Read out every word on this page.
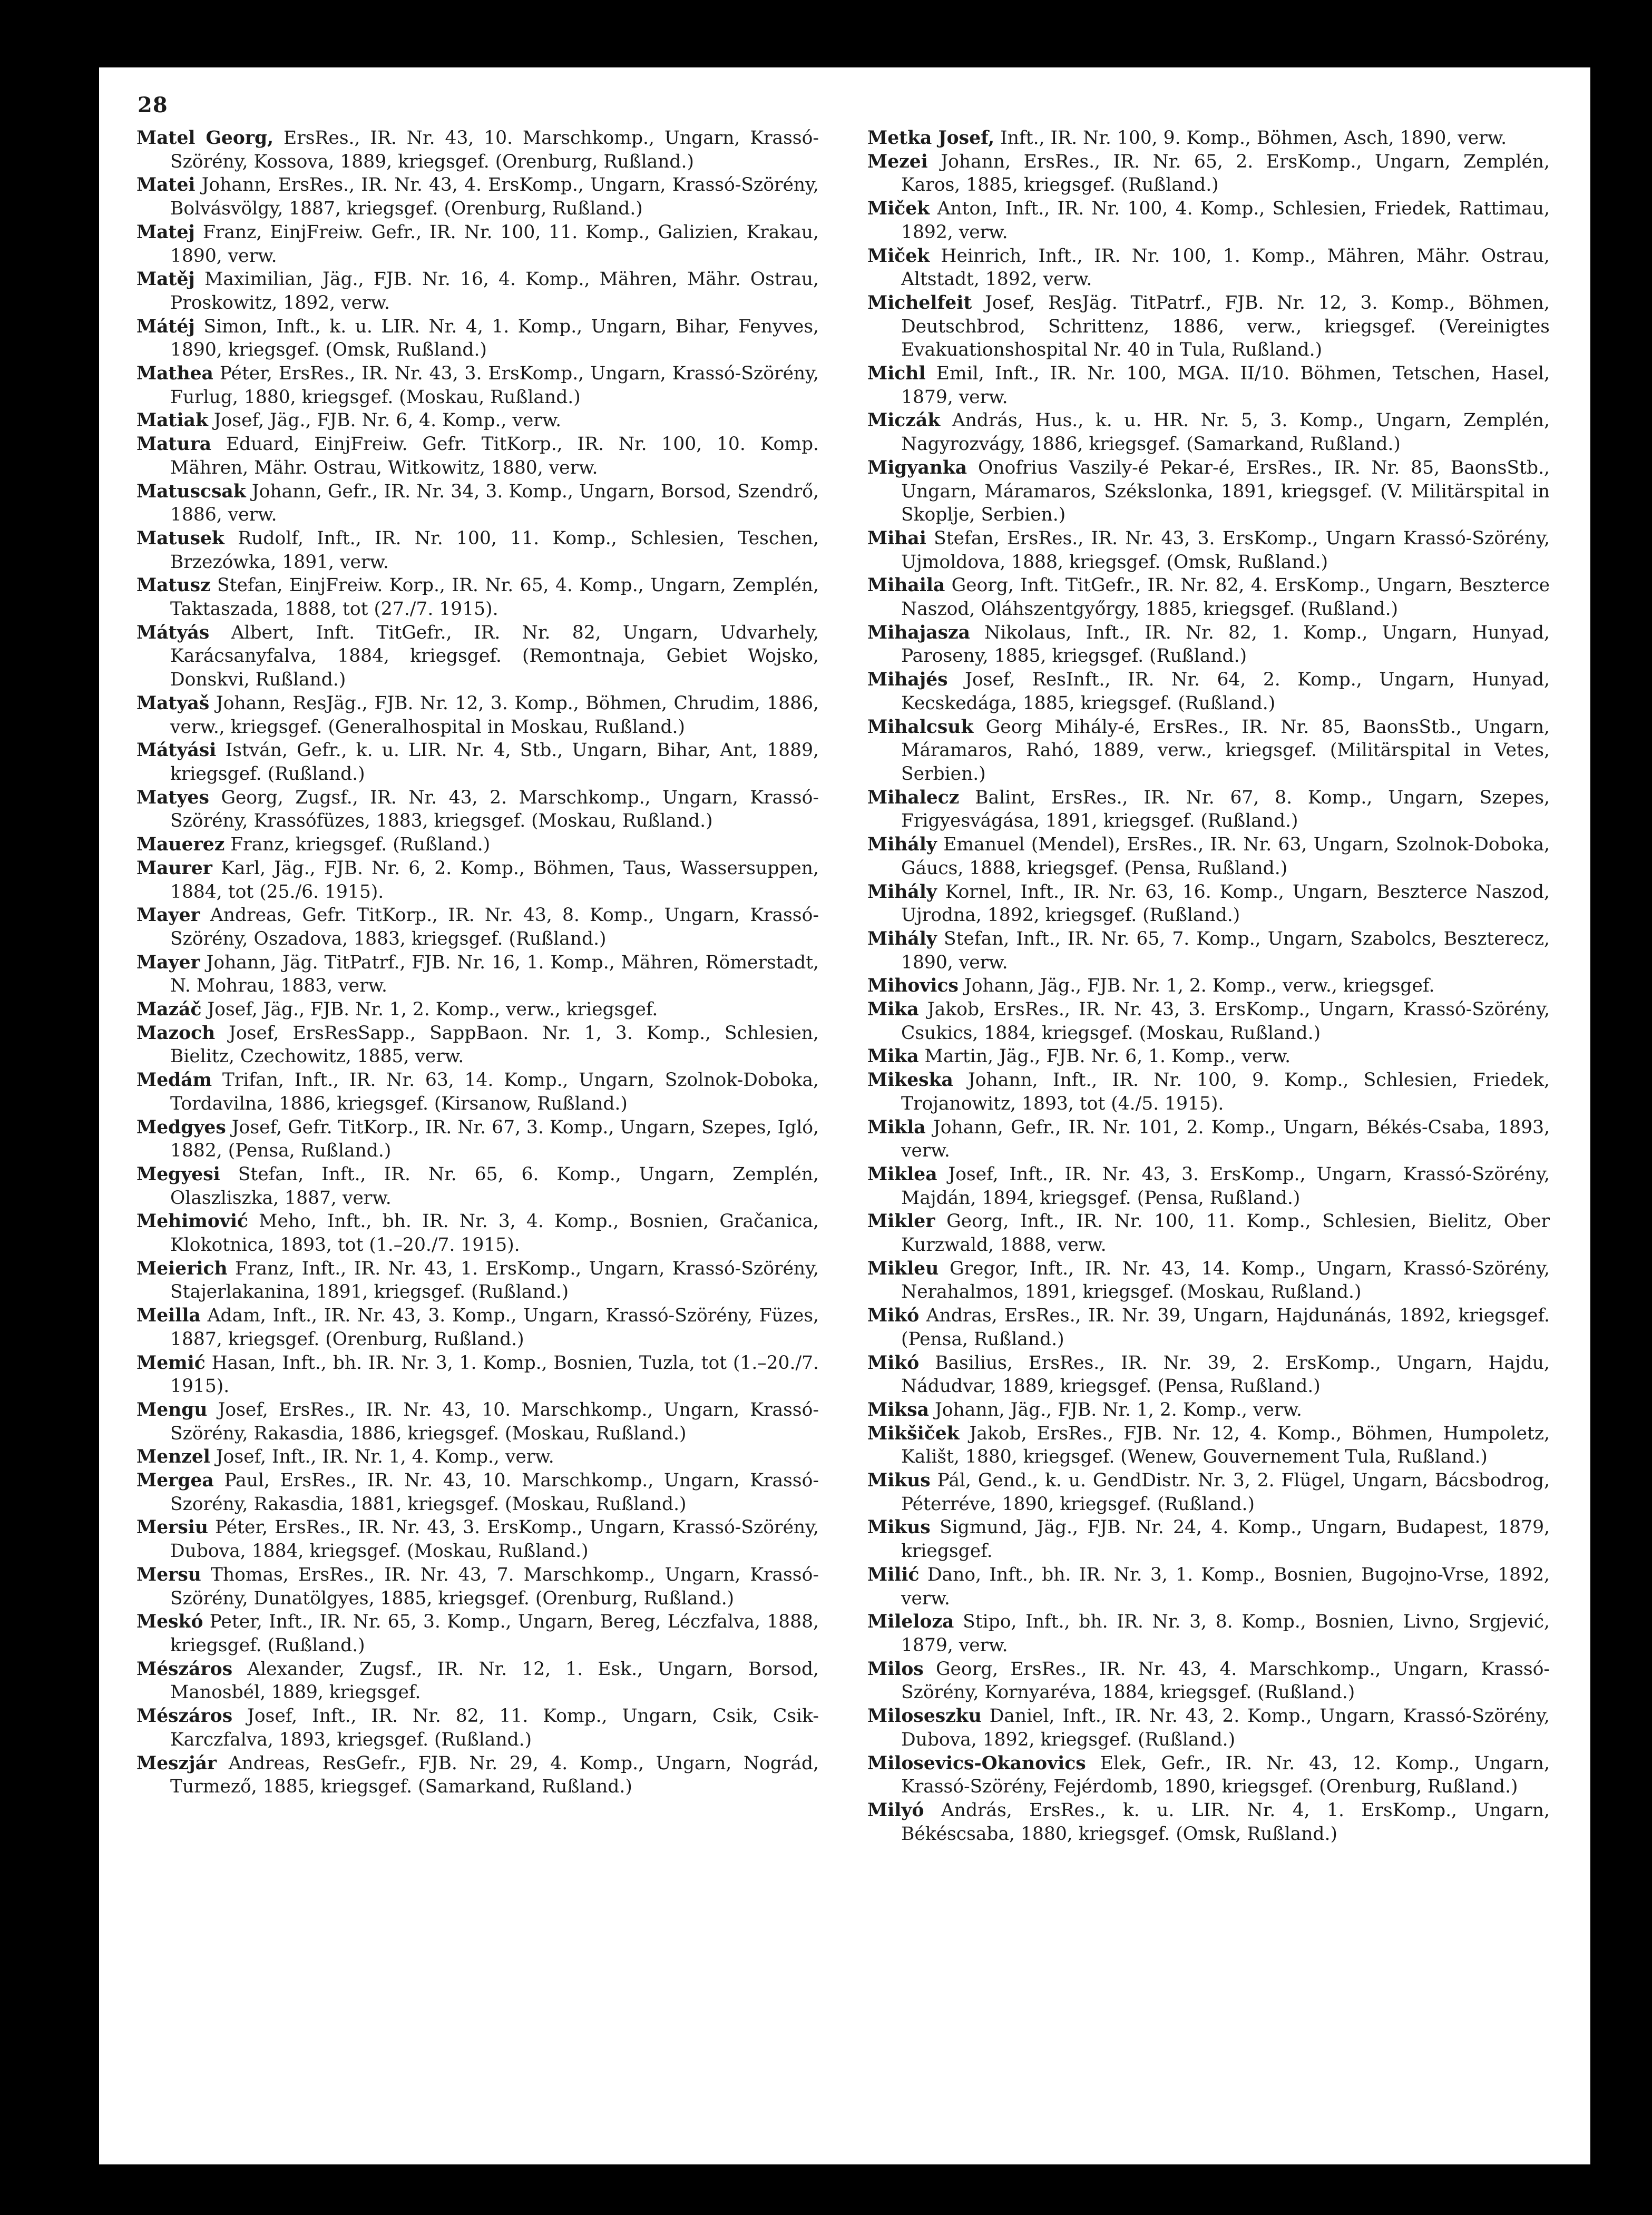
28

Matel Georg, ErsRes., IR. Nr. 43, 10. Marschkomp., Ungarn, Krassó-Szörény, Kossova, 1889, kriegsgef. (Orenburg, Rußland.)

Matei Johann, ErsRes., IR. Nr. 43, 4. ErsKomp., Ungarn, Krassó-Szörény, Bolvásvölgy, 1887, kriegsgef. (Orenburg, Rußland.)

Matej Franz, EinjFreiw. Gefr., IR. Nr. 100, 11. Komp., Galizien, Krakau, 1890, verw.

Matěj Maximilian, Jäg., FJB. Nr. 16, 4. Komp., Mähren, Mähr. Ostrau, Proskowitz, 1892, verw.

Mátéj Simon, Inft., k. u. LIR. Nr. 4, 1. Komp., Ungarn, Bihar, Fenyves, 1890, kriegsgef. (Omsk, Rußland.)

Mathea Péter, ErsRes., IR. Nr. 43, 3. ErsKomp., Ungarn, Krassó-Szörény, Furlug, 1880, kriegsgef. (Moskau, Rußland.)

Matiak Josef, Jäg., FJB. Nr. 6, 4. Komp., verw.

Matura Eduard, EinjFreiw. Gefr. TitKorp., IR. Nr. 100, 10. Komp. Mähren, Mähr. Ostrau, Witkowitz, 1880, verw.

Matuscsak Johann, Gefr., IR. Nr. 34, 3. Komp., Ungarn, Borsod, Szendrő, 1886, verw.

Matusek Rudolf, Inft., IR. Nr. 100, 11. Komp., Schlesien, Teschen, Brzezówka, 1891, verw.

Matusz Stefan, EinjFreiw. Korp., IR. Nr. 65, 4. Komp., Ungarn, Zemplén, Taktaszada, 1888, tot (27./7. 1915).

Mátyás Albert, Inft. TitGefr., IR. Nr. 82, Ungarn, Udvarhely, Karácsanyfalva, 1884, kriegsgef. (Remontnaja, Gebiet Wojsko, Donskvi, Rußland.)

Matyaš Johann, ResJäg., FJB. Nr. 12, 3. Komp., Böhmen, Chrudim, 1886, verw., kriegsgef. (Generalhospital in Moskau, Rußland.)

Mátyási István, Gefr., k. u. LIR. Nr. 4, Stb., Ungarn, Bihar, Ant, 1889, kriegsgef. (Rußland.)

Matyes Georg, Zugsf., IR. Nr. 43, 2. Marschkomp., Ungarn, Krassó-Szörény, Krassófüzes, 1883, kriegsgef. (Moskau, Rußland.)

Mauerez Franz, kriegsgef. (Rußland.)

Maurer Karl, Jäg., FJB. Nr. 6, 2. Komp., Böhmen, Taus, Wassersuppen, 1884, tot (25./6. 1915).

Mayer Andreas, Gefr. TitKorp., IR. Nr. 43, 8. Komp., Ungarn, Krassó-Szörény, Oszadova, 1883, kriegsgef. (Rußland.)

Mayer Johann, Jäg. TitPatrf., FJB. Nr. 16, 1. Komp., Mähren, Römerstadt, N. Mohrau, 1883, verw.

Mazáč Josef, Jäg., FJB. Nr. 1, 2. Komp., verw., kriegsgef.

Mazoch Josef, ErsResSapp., SappBaon. Nr. 1, 3. Komp., Schlesien, Bielitz, Czechowitz, 1885, verw.

Medám Trifan, Inft., IR. Nr. 63, 14. Komp., Ungarn, Szolnok-Doboka, Tordavilna, 1886, kriegsgef. (Kirsanow, Rußland.)

Medgyes Josef, Gefr. TitKorp., IR. Nr. 67, 3. Komp., Ungarn, Szepes, Igló, 1882, (Pensa, Rußland.)

Megyesi Stefan, Inft., IR. Nr. 65, 6. Komp., Ungarn, Zemplén, Olaszliszka, 1887, verw.

Mehimović Meho, Inft., bh. IR. Nr. 3, 4. Komp., Bosnien, Gračanica, Klokotnica, 1893, tot (1.–20./7. 1915).

Meierich Franz, Inft., IR. Nr. 43, 1. ErsKomp., Ungarn, Krassó-Szörény, Stajerlakanina, 1891, kriegsgef. (Rußland.)

Meilla Adam, Inft., IR. Nr. 43, 3. Komp., Ungarn, Krassó-Szörény, Füzes, 1887, kriegsgef. (Orenburg, Rußland.)

Memić Hasan, Inft., bh. IR. Nr. 3, 1. Komp., Bosnien, Tuzla, tot (1.–20./7. 1915).

Mengu Josef, ErsRes., IR. Nr. 43, 10. Marschkomp., Ungarn, Krassó-Szörény, Rakasdia, 1886, kriegsgef. (Moskau, Rußland.)

Menzel Josef, Inft., IR. Nr. 1, 4. Komp., verw.

Mergea Paul, ErsRes., IR. Nr. 43, 10. Marschkomp., Ungarn, Krassó-Szorény, Rakasdia, 1881, kriegsgef. (Moskau, Rußland.)

Mersiu Péter, ErsRes., IR. Nr. 43, 3. ErsKomp., Ungarn, Krassó-Szörény, Dubova, 1884, kriegsgef. (Moskau, Rußland.)

Mersu Thomas, ErsRes., IR. Nr. 43, 7. Marschkomp., Ungarn, Krassó-Szörény, Dunatölgyes, 1885, kriegsgef. (Orenburg, Rußland.)

Meskó Peter, Inft., IR. Nr. 65, 3. Komp., Ungarn, Bereg, Léczfalva, 1888, kriegsgef. (Rußland.)

Mészáros Alexander, Zugsf., IR. Nr. 12, 1. Esk., Ungarn, Borsod, Manosbél, 1889, kriegsgef.

Mészáros Josef, Inft., IR. Nr. 82, 11. Komp., Ungarn, Csik, Csik-Karczfalva, 1893, kriegsgef. (Rußland.)

Meszjár Andreas, ResGefr., FJB. Nr. 29, 4. Komp., Ungarn, Nográd, Turmező, 1885, kriegsgef. (Samarkand, Rußland.)

Metka Josef, Inft., IR. Nr. 100, 9. Komp., Böhmen, Asch, 1890, verw.

Mezei Johann, ErsRes., IR. Nr. 65, 2. ErsKomp., Ungarn, Zemplén, Karos, 1885, kriegsgef. (Rußland.)

Miček Anton, Inft., IR. Nr. 100, 4. Komp., Schlesien, Friedek, Rattimau, 1892, verw.

Miček Heinrich, Inft., IR. Nr. 100, 1. Komp., Mähren, Mähr. Ostrau, Altstadt, 1892, verw.

Michelfeit Josef, ResJäg. TitPatrf., FJB. Nr. 12, 3. Komp., Böhmen, Deutschbrod, Schrittenz, 1886, verw., kriegsgef. (Vereinigtes Evakuationshospital Nr. 40 in Tula, Rußland.)

Michl Emil, Inft., IR. Nr. 100, MGA. II/10. Böhmen, Tetschen, Hasel, 1879, verw.

Miczák András, Hus., k. u. HR. Nr. 5, 3. Komp., Ungarn, Zemplén, Nagyrozvágy, 1886, kriegsgef. (Samarkand, Rußland.)

Migyanka Onofrius Vaszily-é Pekar-é, ErsRes., IR. Nr. 85, BaonsStb., Ungarn, Máramaros, Székslonka, 1891, kriegsgef. (V. Militärspital in Skoplje, Serbien.)

Mihai Stefan, ErsRes., IR. Nr. 43, 3. ErsKomp., Ungarn Krassó-Szörény, Ujmoldova, 1888, kriegsgef. (Omsk, Rußland.)

Mihaila Georg, Inft. TitGefr., IR. Nr. 82, 4. ErsKomp., Ungarn, Beszterce Naszod, Oláhszentgyőrgy, 1885, kriegsgef. (Rußland.)

Mihajasza Nikolaus, Inft., IR. Nr. 82, 1. Komp., Ungarn, Hunyad, Paroseny, 1885, kriegsgef. (Rußland.)

Mihajés Josef, ResInft., IR. Nr. 64, 2. Komp., Ungarn, Hunyad, Kecskedága, 1885, kriegsgef. (Rußland.)

Mihalcsuk Georg Mihály-é, ErsRes., IR. Nr. 85, BaonsStb., Ungarn, Máramaros, Rahó, 1889, verw., kriegsgef. (Militärspital in Vetes, Serbien.)

Mihalecz Balint, ErsRes., IR. Nr. 67, 8. Komp., Ungarn, Szepes, Frigyesvágása, 1891, kriegsgef. (Rußland.)

Mihály Emanuel (Mendel), ErsRes., IR. Nr. 63, Ungarn, Szolnok-Doboka, Gáucs, 1888, kriegsgef. (Pensa, Rußland.)

Mihály Kornel, Inft., IR. Nr. 63, 16. Komp., Ungarn, Beszterce Naszod, Ujrodna, 1892, kriegsgef. (Rußland.)

Mihály Stefan, Inft., IR. Nr. 65, 7. Komp., Ungarn, Szabolcs, Beszterecz, 1890, verw.

Mihovics Johann, Jäg., FJB. Nr. 1, 2. Komp., verw., kriegsgef.

Mika Jakob, ErsRes., IR. Nr. 43, 3. ErsKomp., Ungarn, Krassó-Szörény, Csukics, 1884, kriegsgef. (Moskau, Rußland.)

Mika Martin, Jäg., FJB. Nr. 6, 1. Komp., verw.

Mikeska Johann, Inft., IR. Nr. 100, 9. Komp., Schlesien, Friedek, Trojanowitz, 1893, tot (4./5. 1915).

Mikla Johann, Gefr., IR. Nr. 101, 2. Komp., Ungarn, Békés-Csaba, 1893, verw.

Miklea Josef, Inft., IR. Nr. 43, 3. ErsKomp., Ungarn, Krassó-Szörény, Majdán, 1894, kriegsgef. (Pensa, Rußland.)

Mikler Georg, Inft., IR. Nr. 100, 11. Komp., Schlesien, Bielitz, Ober Kurzwald, 1888, verw.

Mikleu Gregor, Inft., IR. Nr. 43, 14. Komp., Ungarn, Krassó-Szörény, Nerahalmos, 1891, kriegsgef. (Moskau, Rußland.)

Mikó Andras, ErsRes., IR. Nr. 39, Ungarn, Hajdunánás, 1892, kriegsgef. (Pensa, Rußland.)

Mikó Basilius, ErsRes., IR. Nr. 39, 2. ErsKomp., Ungarn, Hajdu, Nádudvar, 1889, kriegsgef. (Pensa, Rußland.)

Miksa Johann, Jäg., FJB. Nr. 1, 2. Komp., verw.

Mikšiček Jakob, ErsRes., FJB. Nr. 12, 4. Komp., Böhmen, Humpoletz, Kališt, 1880, kriegsgef. (Wenew, Gouvernement Tula, Rußland.)

Mikus Pál, Gend., k. u. GendDistr. Nr. 3, 2. Flügel, Ungarn, Bácsbodrog, Péterréve, 1890, kriegsgef. (Rußland.)

Mikus Sigmund, Jäg., FJB. Nr. 24, 4. Komp., Ungarn, Budapest, 1879, kriegsgef.

Milić Dano, Inft., bh. IR. Nr. 3, 1. Komp., Bosnien, Bugojno-Vrse, 1892, verw.

Mileloza Stipo, Inft., bh. IR. Nr. 3, 8. Komp., Bosnien, Livno, Srgjević, 1879, verw.

Milos Georg, ErsRes., IR. Nr. 43, 4. Marschkomp., Ungarn, Krassó-Szörény, Kornyaréva, 1884, kriegsgef. (Rußland.)

Miloseszku Daniel, Inft., IR. Nr. 43, 2. Komp., Ungarn, Krassó-Szörény, Dubova, 1892, kriegsgef. (Rußland.)

Milosevics-Okanovics Elek, Gefr., IR. Nr. 43, 12. Komp., Ungarn, Krassó-Szörény, Fejérdomb, 1890, kriegsgef. (Orenburg, Rußland.)

Milyó András, ErsRes., k. u. LIR. Nr. 4, 1. ErsKomp., Ungarn, Békéscsaba, 1880, kriegsgef. (Omsk, Rußland.)
